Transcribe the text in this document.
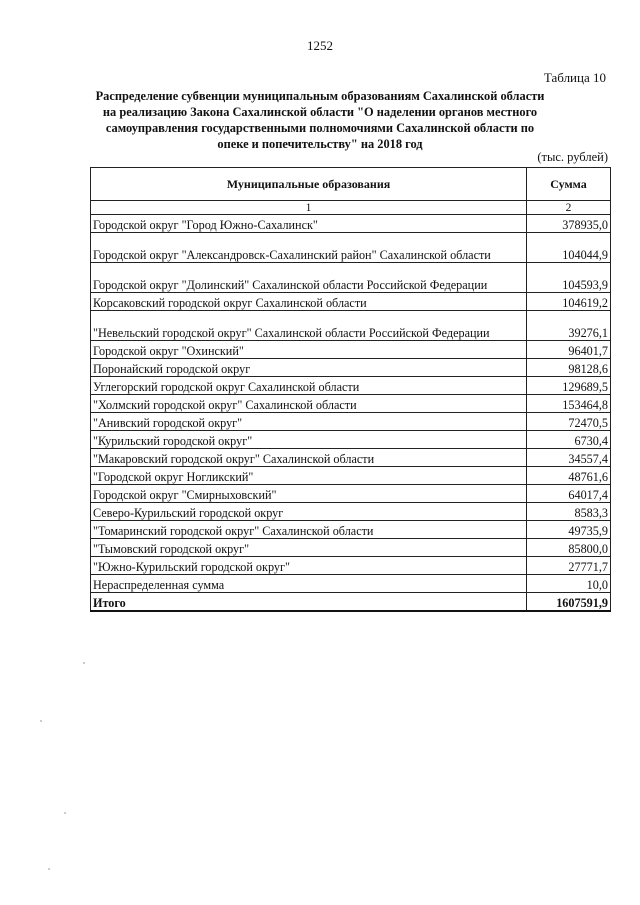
1252
Таблица 10
Распределение субвенции муниципальным образованиям Сахалинской области на реализацию Закона Сахалинской области "О наделении органов местного самоуправления государственными полномочиями Сахалинской области по опеке и попечительству" на 2018 год
(тыс. рублей)
Муниципальные образования	Сумма
1	2
Городской округ "Город Южно-Сахалинск"	378935,0
Городской округ "Александровск-Сахалинский район" Сахалинской области	104044,9
Городской округ "Долинский" Сахалинской области Российской Федерации	104593,9
Корсаковский городской округ Сахалинской области	104619,2
"Невельский городской округ" Сахалинской области Российской Федерации	39276,1
Городской округ "Охинский"	96401,7
Поронайский городской округ	98128,6
Углегорский городской округ Сахалинской области	129689,5
"Холмский городской округ" Сахалинской области	153464,8
"Анивский городской округ"	72470,5
"Курильский городской округ"	6730,4
"Макаровский городской округ" Сахалинской области	34557,4
"Городской округ Ногликский"	48761,6
Городской округ "Смирныховский"	64017,4
Северо-Курильский городской округ	8583,3
"Томаринский городской округ" Сахалинской области	49735,9
"Тымовский городской округ"	85800,0
"Южно-Курильский городской округ"	27771,7
Нераспределенная сумма	10,0
Итого	1607591,9
